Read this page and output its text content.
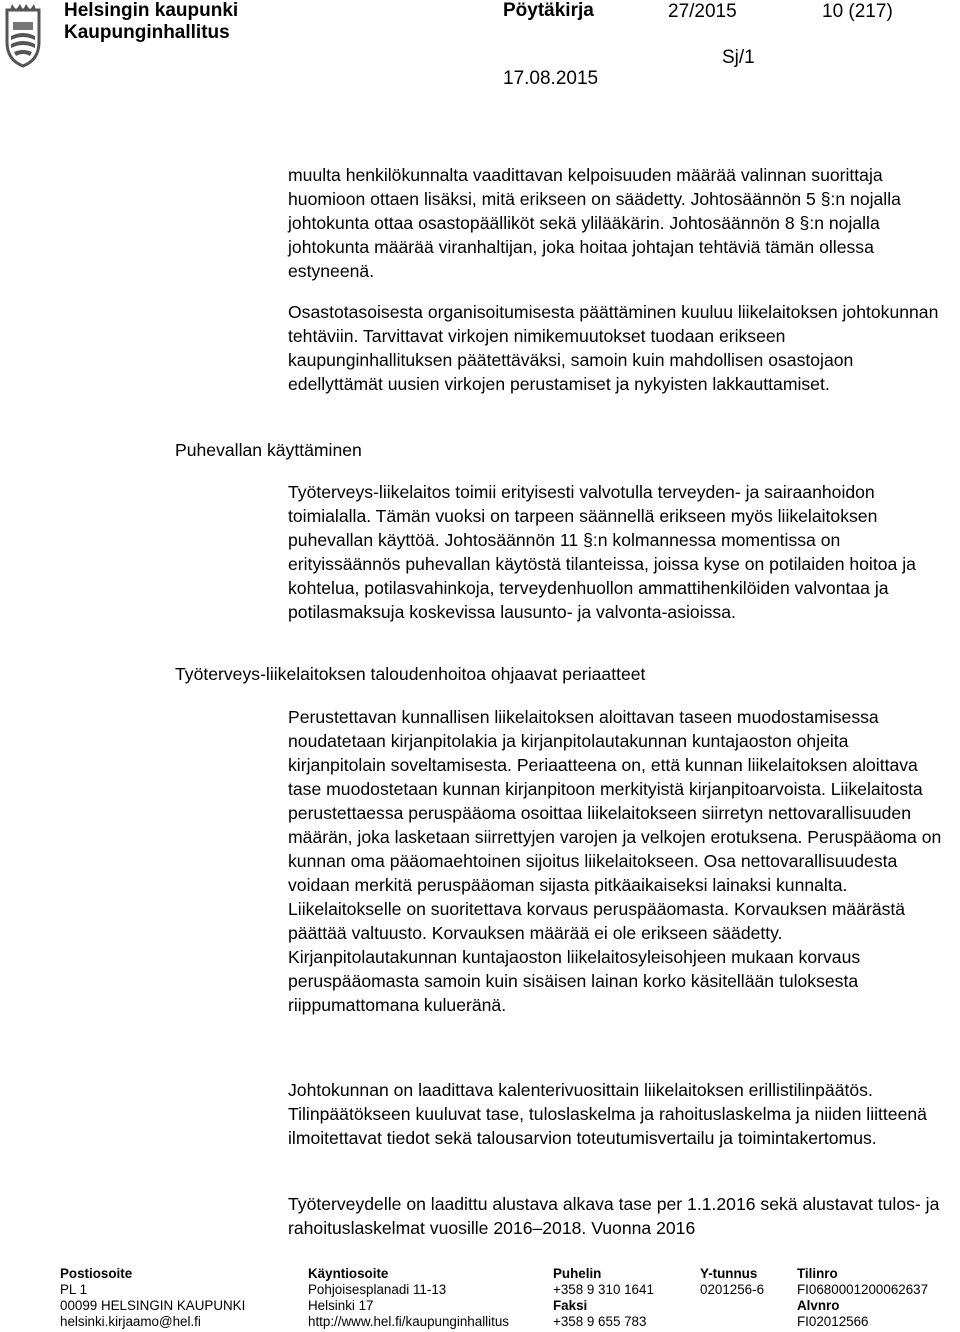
Helsingin kaupunki
Kaupunginhallitus
Pöytäkirja	27/2015	10 (217)
Sj/1
17.08.2015

muulta henkilökunnalta vaadittavan kelpoisuuden määrää valinnan suorittaja huomioon ottaen lisäksi, mitä erikseen on säädetty. Johtosäännön 5 §:n nojalla johtokunta ottaa osastopäälliköt sekä ylilääkärin. Johtosäännön 8 §:n nojalla johtokunta määrää viranhaltijan, joka hoitaa johtajan tehtäviä tämän ollessa estyneenä.

Osastotasoisesta organisoitumisesta päättäminen kuuluu liikelaitoksen johtokunnan tehtäviin. Tarvittavat virkojen nimikemuutokset tuodaan erikseen kaupunginhallituksen päätettäväksi, samoin kuin mahdollisen osastojaon edellyttämät uusien virkojen perustamiset ja nykyisten lakkauttamiset.

Puhevallan käyttäminen

Työterveys-liikelaitos toimii erityisesti valvotulla terveyden- ja sairaanhoidon toimialalla. Tämän vuoksi on tarpeen säännellä erikseen myös liikelaitoksen puhevallan käyttöä. Johtosäännön 11 §:n kolmannessa momentissa on erityissäännös puhevallan käytöstä tilanteissa, joissa kyse on potilaiden hoitoa ja kohtelua, potilasvahinkoja, terveydenhuollon ammattihenkilöiden valvontaa ja potilasmaksuja koskevissa lausunto- ja valvonta-asioissa.

Työterveys-liikelaitoksen taloudenhoitoa ohjaavat periaatteet

Perustettavan kunnallisen liikelaitoksen aloittavan taseen muodostamisessa noudatetaan kirjanpitolakia ja kirjanpitolautakunnan kuntajaoston ohjeita kirjanpitolain soveltamisesta. Periaatteena on, että kunnan liikelaitoksen aloittava tase muodostetaan kunnan kirjanpitoon merkityistä kirjanpitoarvoista. Liikelaitosta perustettaessa peruspääoma osoittaa liikelaitokseen siirretyn nettovarallisuuden määrän, joka lasketaan siirrettyjen varojen ja velkojen erotuksena. Peruspääoma on kunnan oma pääomaehtoinen sijoitus liikelaitokseen. Osa nettovarallisuudesta voidaan merkitä peruspääoman sijasta pitkäaikaiseksi lainaksi kunnalta. Liikelaitokselle on suoritettava korvaus peruspääomasta. Korvauksen määrästä päättää valtuusto. Korvauksen määrää ei ole erikseen säädetty. Kirjanpitolautakunnan kuntajaoston liikelaitosyleisohjeen mukaan korvaus peruspääomasta samoin kuin sisäisen lainan korko käsitellään tuloksesta riippumattomana kulueränä.

Johtokunnan on laadittava kalenterivuosittain liikelaitoksen erillistilinpäätös. Tilinpäätökseen kuuluvat tase, tuloslaskelma ja rahoituslaskelma ja niiden liitteenä ilmoitettavat tiedot sekä talousarvion toteutumisvertailu ja toimintakertomus.

Työterveydelle on laadittu alustava alkava tase per 1.1.2016 sekä alustavat tulos- ja rahoituslaskelmat vuosille 2016–2018. Vuonna 2016

Postiosoite
PL 1
00099 HELSINGIN KAUPUNKI
helsinki.kirjaamo@hel.fi
Käyntiosoite
Pohjoisesplanadi 11-13
Helsinki 17
http://www.hel.fi/kaupunginhallitus
Puhelin
+358 9 310 1641
Faksi
+358 9 655 783
Y-tunnus
0201256-6
Tilinro
FI0680001200062637
Alvnro
FI02012566
